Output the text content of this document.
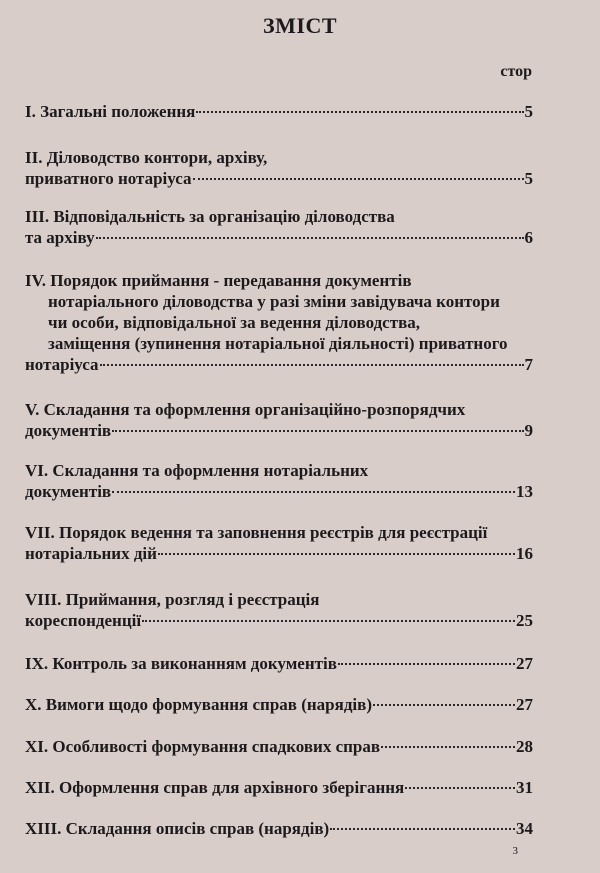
ЗМІСТ
стор
І. Загальні положення	5
ІІ. Діловодство контори, архіву,
приватного нотаріуса	5
ІІІ. Відповідальність за організацію діловодства
та архіву	6
IV. Порядок приймання - передавання документів
нотаріального діловодства у разі зміни завідувача контори
чи особи, відповідальної за ведення діловодства,
заміщення (зупинення нотаріальної діяльності) приватного
нотаріуса	7
V. Складання та оформлення організаційно-розпорядчих
документів	9
VI. Складання та оформлення нотаріальних
документів	13
VII. Порядок ведення та заповнення реєстрів для реєстрації
нотаріальних дій	16
VIII. Приймання, розгляд і реєстрація
кореспонденції	25
ІХ. Контроль за виконанням документів	27
Х. Вимоги щодо формування справ (нарядів)	27
ХІ. Особливості формування спадкових справ	28
ХІІ. Оформлення справ для архівного зберігання	31
ХІІІ. Складання описів справ (нарядів)	34
3
